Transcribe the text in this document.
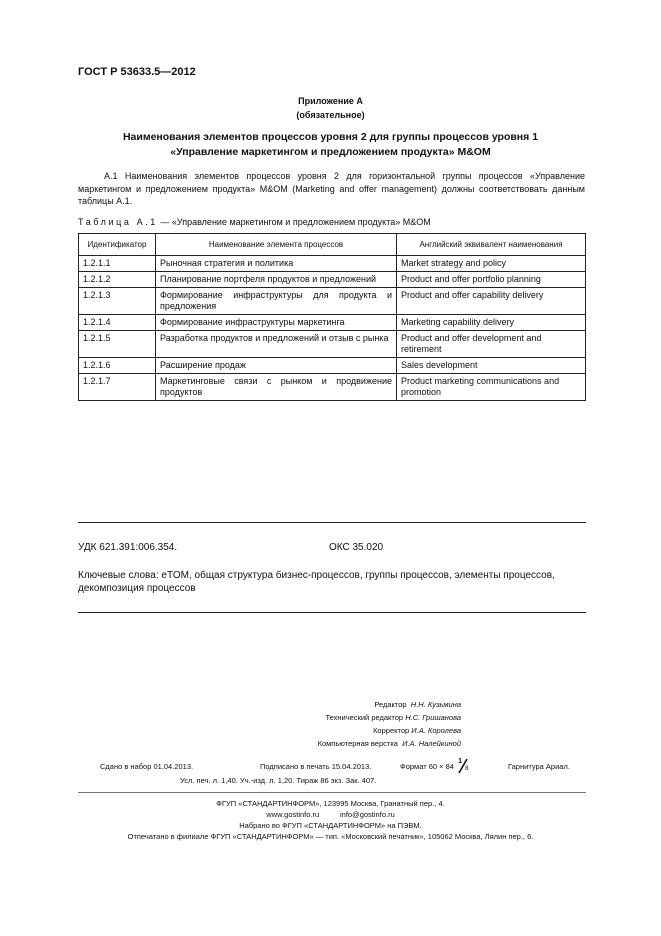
ГОСТ Р 53633.5—2012
Приложение А
(обязательное)
Наименования элементов процессов уровня 2 для группы процессов уровня 1
«Управление маркетингом и предложением продукта» M&OM
А.1 Наименования элементов процессов уровня 2 для горизонтальной группы процессов «Управление маркетингом и предложением продукта» M&OM (Marketing and offer management) должны соответствовать данным таблицы А.1.
Таблица А.1 — «Управление маркетингом и предложением продукта» M&OM
Идентификатор	Наименование элемента процессов	Английский эквивалент наименования

1.2.1.1	Рыночная стратегия и политика	Market strategy and policy

1.2.1.2	Планирование портфеля продуктов и предложений	Product and offer portfolio planning

1.2.1.3	Формирование инфраструктуры для продукта и предложения	Product and offer capability delivery

1.2.1.4	Формирование инфраструктуры маркетинга	Marketing capability delivery

1.2.1.5	Разработка продуктов и предложений и отзыв с рынка	Product and offer development and retirement

1.2.1.6	Расширение продаж	Sales development

1.2.1.7	Маркетинговые связи с рынком и продвижение продуктов	Product marketing communications and promotion
УДК 621.391:006.354.	ОКС 35.020
Ключевые слова: eTOM, общая структура бизнес-процессов, группы процессов, элементы процессов, декомпозиция процессов
Редактор Н.Н. Кузьмина
Технический редактор Н.С. Гришанова
Корректор И.А. Королева
Компьютерная верстка И.А. Налейкиной
Сдано в набор 01.04.2013.	Подписано в печать 15.04.2013.	Формат 60 × 84
1
8	Гарнитура Ариал.
Усл. печ. л. 1,40. Уч.-изд. л. 1,20. Тираж 86 экз. Зак. 407.
ФГУП «СТАНДАРТИНФОРМ», 123995 Москва, Гранатный пер., 4.
www.gostinfo.ru          info@gostinfo.ru
Набрано во ФГУП «СТАНДАРТИНФОРМ» на ПЭВМ.
Отпечатано в филиале ФГУП «СТАНДАРТИНФОРМ» — тип. «Московский печатник», 105062 Москва, Лялин пер., 6.
